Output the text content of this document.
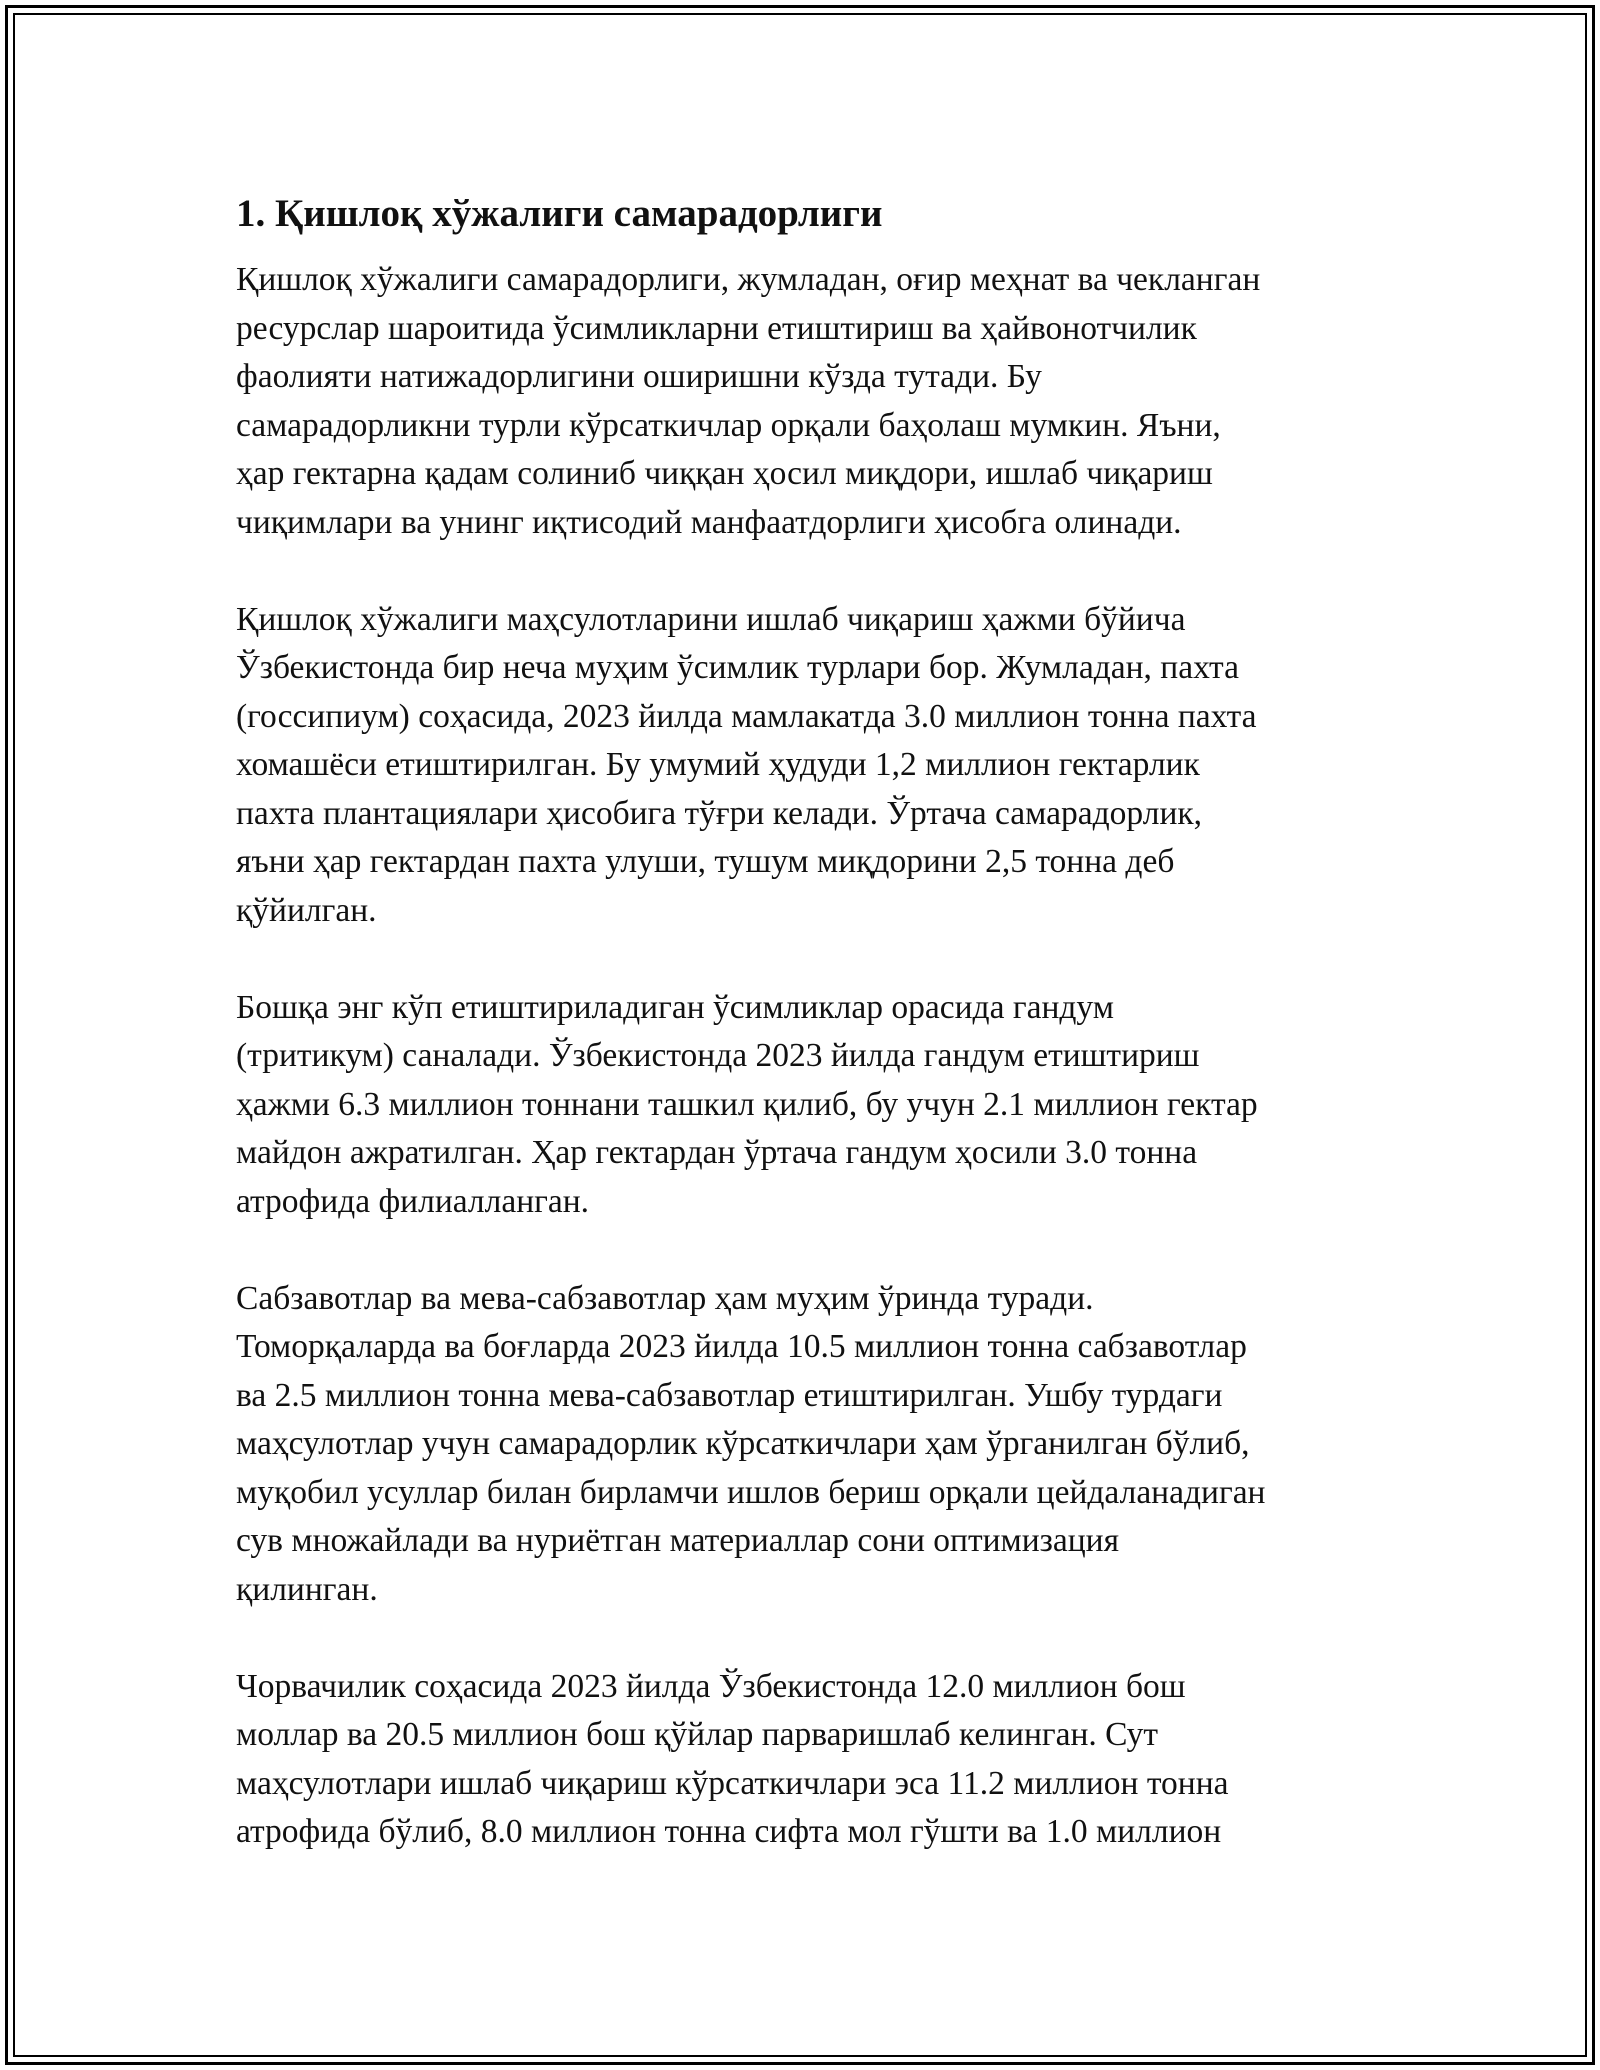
1. Қишлоқ хўжалиги самарадорлиги

Қишлоқ хўжалиги самарадорлиги, жумладан, оғир меҳнат ва чекланган
ресурслар шароитида ўсимликларни етиштириш ва ҳайвонотчилик
фаолияти натижадорлигини оширишни кўзда тутади. Бу
самарадорликни турли кўрсаткичлар орқали баҳолаш мумкин. Яъни,
ҳар гектарна қадам солиниб чиққан ҳосил миқдори, ишлаб чиқариш
чиқимлари ва унинг иқтисодий манфаатдорлиги ҳисобга олинади.

Қишлоқ хўжалиги маҳсулотларини ишлаб чиқариш ҳажми бўйича
Ўзбекистонда бир неча муҳим ўсимлик турлари бор. Жумладан, пахта
(госсипиум) соҳасида, 2023 йилда мамлакатда 3.0 миллион тонна пахта
хомашёси етиштирилган. Бу умумий ҳудуди 1,2 миллион гектарлик
пахта плантациялари ҳисобига тўғри келади. Ўртача самарадорлик,
яъни ҳар гектардан пахта улуши, тушум миқдорини 2,5 тонна деб
қўйилган.

Бошқа энг кўп етиштириладиган ўсимликлар орасида гандум
(тритикум) саналади. Ўзбекистонда 2023 йилда гандум етиштириш
ҳажми 6.3 миллион тоннани ташкил қилиб, бу учун 2.1 миллион гектар
майдон ажратилган. Ҳар гектардан ўртача гандум ҳосили 3.0 тонна
атрофида филиалланган.

Сабзавотлар ва мева-сабзавотлар ҳам муҳим ўринда туради.
Томорқаларда ва боғларда 2023 йилда 10.5 миллион тонна сабзавотлар
ва 2.5 миллион тонна мева-сабзавотлар етиштирилган. Ушбу турдаги
маҳсулотлар учун самарадорлик кўрсаткичлари ҳам ўрганилган бўлиб,
муқобил усуллар билан бирламчи ишлов бериш орқали цейдаланадиган
сув множайлади ва нуриётган материаллар сони оптимизация
қилинган.

Чорвачилик соҳасида 2023 йилда Ўзбекистонда 12.0 миллион бош
моллар ва 20.5 миллион бош қўйлар парваришлаб келинган. Сут
маҳсулотлари ишлаб чиқариш кўрсаткичлари эса 11.2 миллион тонна
атрофида бўлиб, 8.0 миллион тонна сифта мол гўшти ва 1.0 миллион
